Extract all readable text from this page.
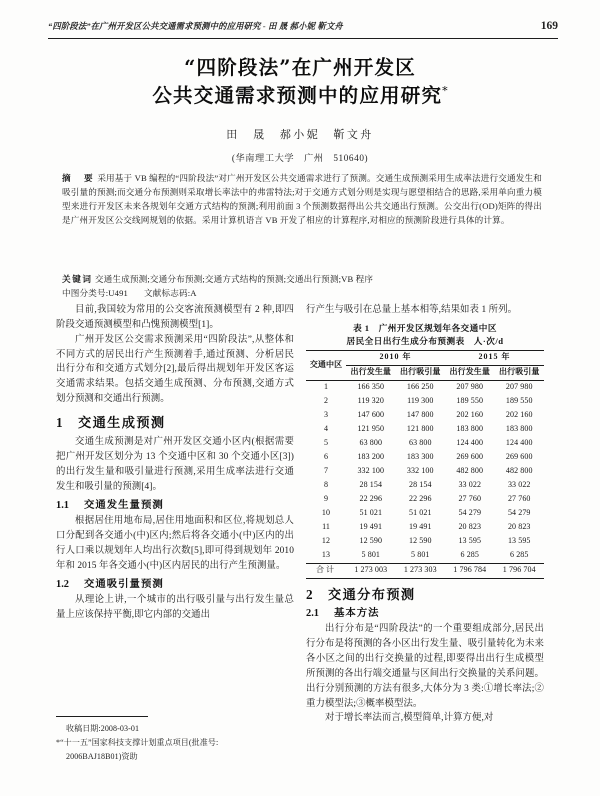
“四阶段法”在广州开发区公共交通需求预测中的应用研究 - 田 晟 郝小妮 靳文舟	169
“四阶段法”在广州开发区
公共交通需求预测中的应用研究*
田　晟　郝小妮　靳文舟
(华南理工大学　广州　510640)
摘　要 采用基于 VB 编程的“四阶段法”对广州开发区公共交通需求进行了预测。交通生成预测采用生成率法进行交通发生和吸引量的预测;而交通分布预测则采取增长率法中的弗雷特法;对于交通方式划分则是实现与愿望相结合的思路,采用单向重力模型来进行开发区未来各规划年交通方式结构的预测;利用前面 3 个预测数据得出公共交通出行预测。公交出行(OD)矩阵的得出是广州开发区公交线网规划的依据。采用计算机语言 VB 开发了相应的计算程序,对相应的预测阶段进行具体的计算。
关键词 交通生成预测;交通分布预测;交通方式结构的预测;交通出行预测;VB 程序
中图分类号:U491 文献标志码:A

目前,我国较为常用的公交客流预测模型有 2 种,即四阶段交通预测模型和凸愧预测模型[1]。

广州开发区公交需求预测采用“四阶段法”,从整体和不同方式的居民出行产生预测着手,通过预测、分析居民出行分布和交通方式划分[2],最后得出规划年开发区客运交通需求结果。包括交通生成预测、分布预测,交通方式划分预测和交通出行预测。

1 交通生成预测

交通生成预测是对广州开发区交通小区内(根据需要把广州开发区划分为 13 个交通中区和 30 个交通小区[3])的出行发生量和吸引量进行预测,采用生成率法进行交通发生和吸引量的预测[4]。

1.1 交通发生量预测

根据居住用地布局,居住用地面积和区位,将规划总人口分配到各交通小(中)区内;然后将各交通小(中)区内的出行人口乘以规划年人均出行次数[5],即可得到规划年 2010 年和 2015 年各交通小(中)区内居民的出行产生预测量。

1.2 交通吸引量预测

从理论上讲,一个城市的出行吸引量与出行发生量总量上应该保持平衡,即它内部的交通出

行产生与吸引在总量上基本相等,结果如表 1 所列。

表 1　广州开发区规划年各交通中区
居民全日出行生成分布预测表　人·次/d
交通中区	2010 年		2015 年	
	出行发生量	出行吸引量	出行发生量	出行吸引量
1	166 350	166 250	207 980	207 980
2	119 320	119 300	189 550	189 550
3	147 600	147 800	202 160	202 160
4	121 950	121 800	183 800	183 800
5	63 800	63 800	124 400	124 400
6	183 200	183 300	269 600	269 600
7	332 100	332 100	482 800	482 800
8	28 154	28 154	33 022	33 022
9	22 296	22 296	27 760	27 760
10	51 021	51 021	54 279	54 279
11	19 491	19 491	20 823	20 823
12	12 590	12 590	13 595	13 595
13	5 801	5 801	6 285	6 285
合计	1 273 003	1 273 303	1 796 784	1 796 704
2 交通分布预测
2.1 基本方法

出行分布是“四阶段法”的一个重要组成部分,居民出行分布是将预测的各小区出行发生量、吸引量转化为未来各小区之间的出行交换量的过程,即要得出出行生成模型所预测的各出行端交通量与区间出行交换量的关系问题。出行分别预测的方法有很多,大体分为 3 类:①增长率法;②重力模型法;③概率模型法。

对于增长率法而言,模型简单,计算方便,对

收稿日期:2008-03-01
*“十一五”国家科技支撑计划重点项目(批准号:
2006BAJ18B01)资助
